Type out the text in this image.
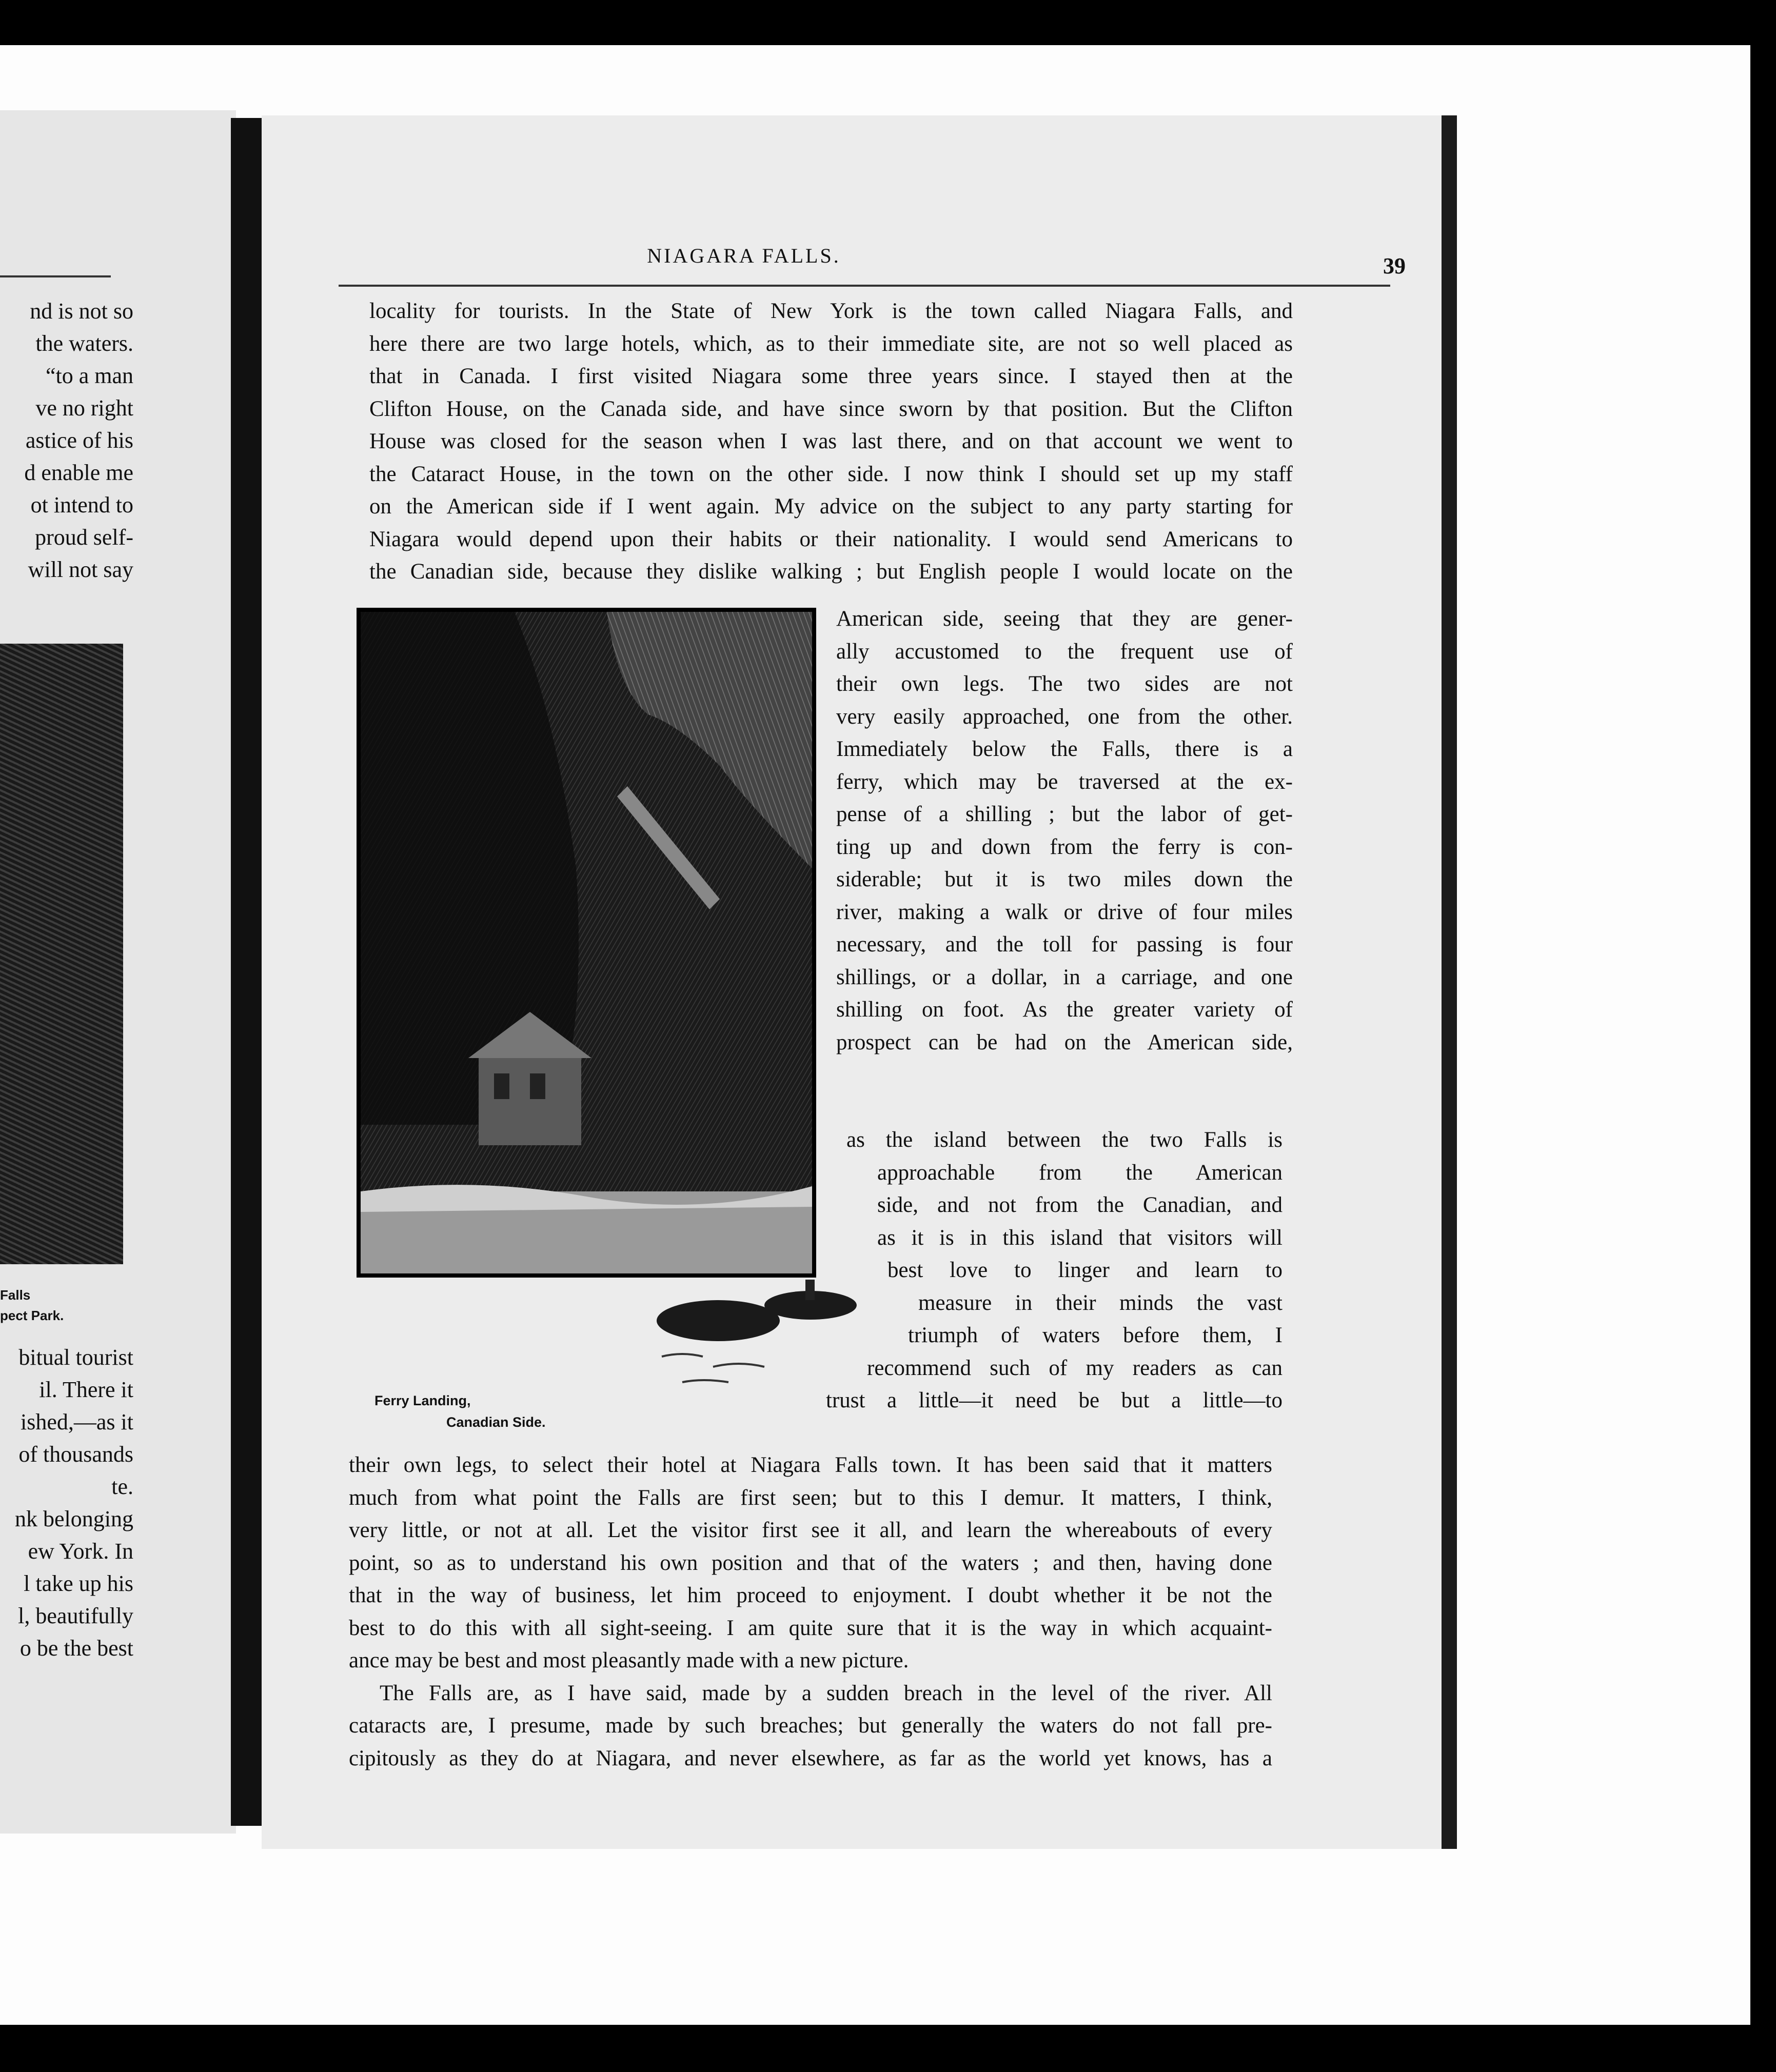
nd is not so
the waters.
“to a man
ve no right
astice of his
d enable me
ot intend to
proud self-
will not say
Falls
pect Park.
bitual tourist
il. There it
ished,—as it
of thousands
te.
nk belonging
ew York. In
l take up his
l, beautifully
o be the best
NIAGARA FALLS.	39
locality for tourists. In the State of New York is the town called Niagara Falls, and
here there are two large hotels, which, as to their immediate site, are not so well placed as
that in Canada. I first visited Niagara some three years since. I stayed then at the
Clifton House, on the Canada side, and have since sworn by that position. But the Clifton
House was closed for the season when I was last there, and on that account we went to
the Cataract House, in the town on the other side. I now think I should set up my staff
on the American side if I went again. My advice on the subject to any party starting for
Niagara would depend upon their habits or their nationality. I would send Americans to
the Canadian side, because they dislike walking ; but English people I would locate on the
Ferry Landing,
Canadian Side.
American side, seeing that they are gener-
ally accustomed to the frequent use of
their own legs. The two sides are not
very easily approached, one from the other.
Immediately below the Falls, there is a
ferry, which may be traversed at the ex-
pense of a shilling ; but the labor of get-
ting up and down from the ferry is con-
siderable; but it is two miles down the
river, making a walk or drive of four miles
necessary, and the toll for passing is four
shillings, or a dollar, in a carriage, and one
shilling on foot. As the greater variety of
prospect can be had on the American side,
as the island between the two Falls is
approachable from the American
side, and not from the Canadian, and
as it is in this island that visitors will
best love to linger and learn to
measure in their minds the vast
triumph of waters before them, I
recommend such of my readers as can
trust a little—it need be but a little—to
their own legs, to select their hotel at Niagara Falls town. It has been said that it matters
much from what point the Falls are first seen; but to this I demur. It matters, I think,
very little, or not at all. Let the visitor first see it all, and learn the whereabouts of every
point, so as to understand his own position and that of the waters ; and then, having done
that in the way of business, let him proceed to enjoyment. I doubt whether it be not the
best to do this with all sight-seeing. I am quite sure that it is the way in which acquaint-
ance may be best and most pleasantly made with a new picture.
The Falls are, as I have said, made by a sudden breach in the level of the river. All
cataracts are, I presume, made by such breaches; but generally the waters do not fall pre-
cipitously as they do at Niagara, and never elsewhere, as far as the world yet knows, has a
